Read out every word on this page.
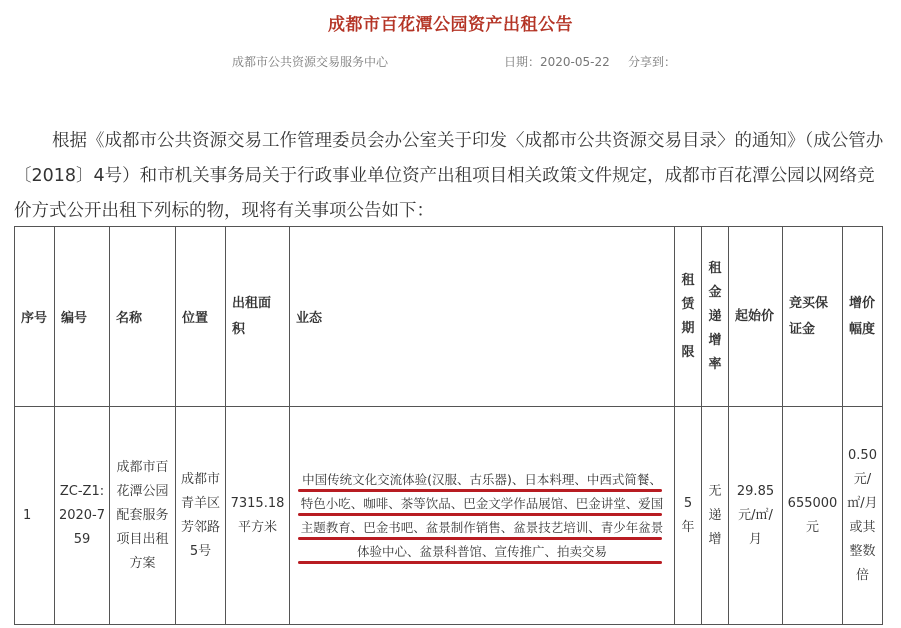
成都市百花潭公园资产出租公告
成都市公共资源交易服务中心	日期：2020-05-22 分享到：
根据《成都市公共资源交易工作管理委员会办公室关于印发〈成都市公共资源交易目录〉的通知》（成公管办〔2018〕4号）和市机关事务局关于行政事业单位资产出租项目相关政策文件规定，成都市百花潭公园以网络竞价方式公开出租下列标的物，现将有关事项公告如下：
序号	编号	名称	位置	出租面积	业态	租赁期限	租金递增率	起始价	竞买保证金	增价幅度
1	ZC-Z1:2020-759	成都市百花潭公园配套服务项目出租方案	成都市青羊区芳邻路5号	7315.18平方米	中国传统文化交流体验(汉服、古乐器)、日本料理、中西式简餐、特色小吃、咖啡、茶等饮品、巴金文学作品展馆、巴金讲堂、爱国主题教育、巴金书吧、盆景制作销售、盆景技艺培训、青少年盆景体验中心、盆景科普馆、宣传推广、拍卖交易	5年	无递增	29.85元/㎡/月	655000元	0.50元/㎡/月或其整数倍
